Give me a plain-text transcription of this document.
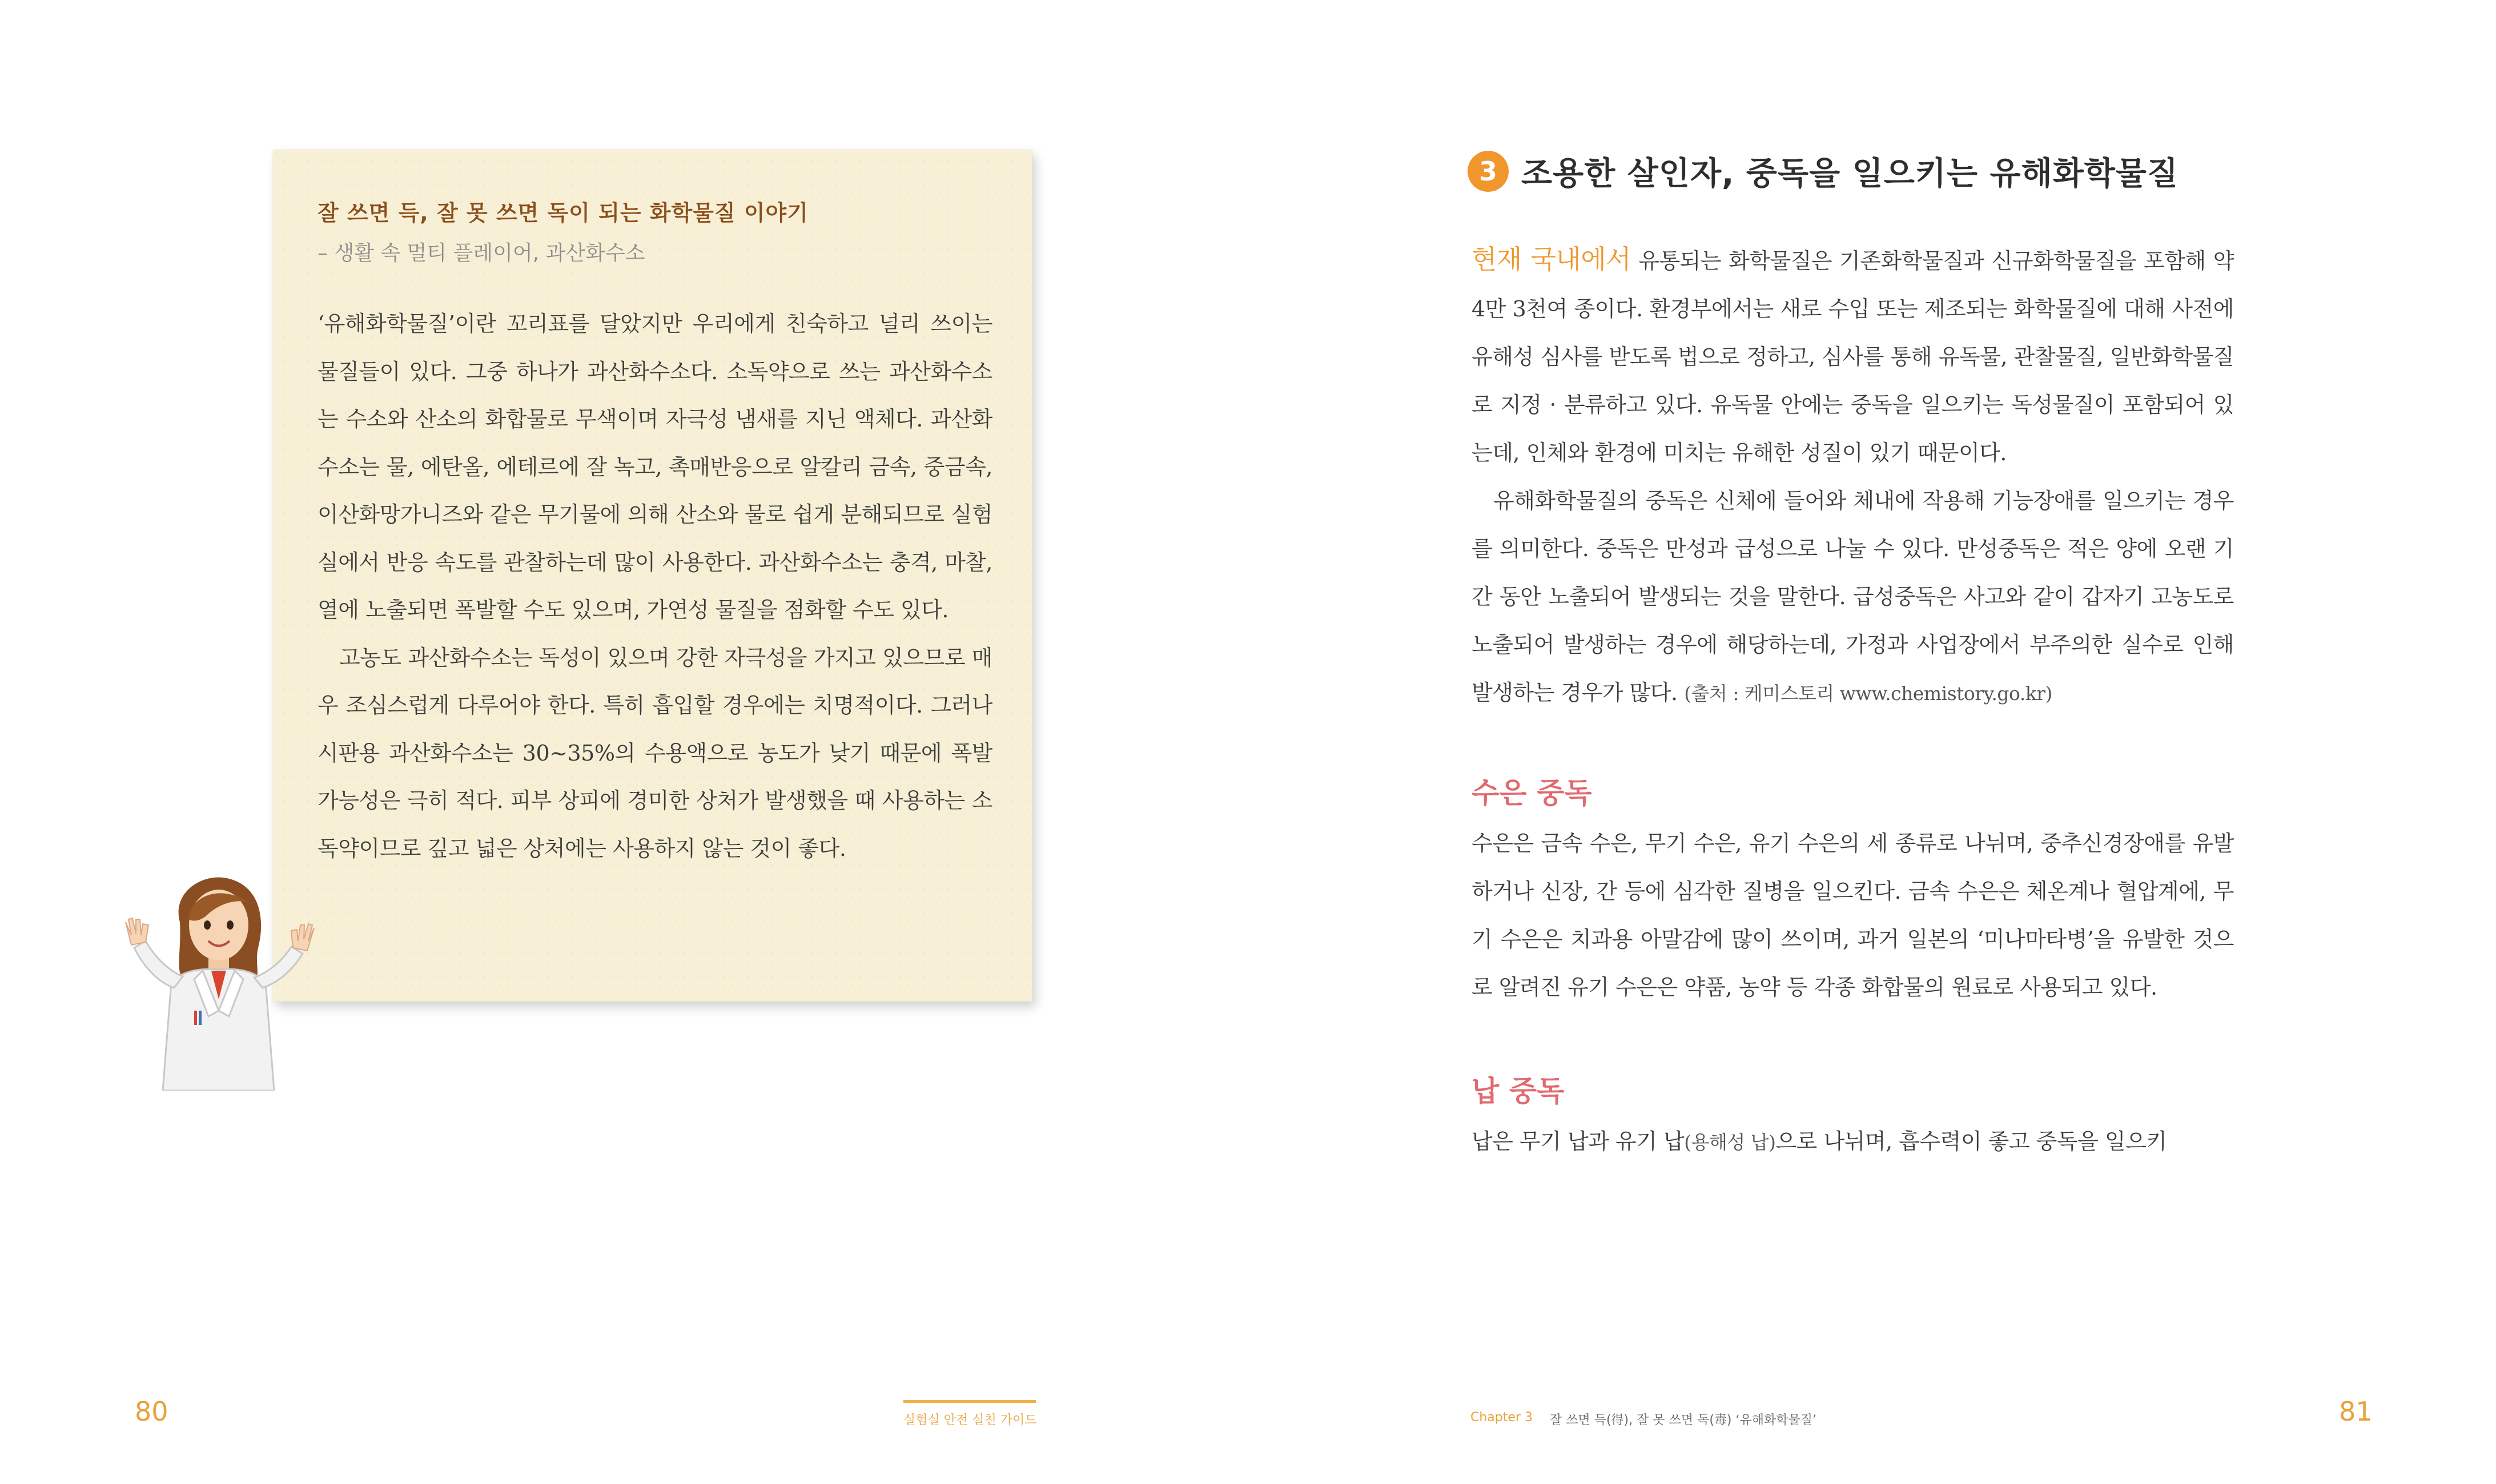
잘 쓰면 득, 잘 못 쓰면 독이 되는 화학물질 이야기

– 생활 속 멀티 플레이어, 과산화수소

‘유해화학물질’이란 꼬리표를 달았지만 우리에게 친숙하고 널리 쓰이는 물질들이 있다. 그중 하나가 과산화수소다. 소독약으로 쓰는 과산화수소는 수소와 산소의 화합물로 무색이며 자극성 냄새를 지닌 액체다. 과산화수소는 물, 에탄올, 에테르에 잘 녹고, 촉매반응으로 알칼리 금속, 중금속, 이산화망가니즈와 같은 무기물에 의해 산소와 물로 쉽게 분해되므로 실험실에서 반응 속도를 관찰하는데 많이 사용한다. 과산화수소는 충격, 마찰, 열에 노출되면 폭발할 수도 있으며, 가연성 물질을 점화할 수도 있다.

고농도 과산화수소는 독성이 있으며 강한 자극성을 가지고 있으므로 매우 조심스럽게 다루어야 한다. 특히 흡입할 경우에는 치명적이다. 그러나 시판용 과산화수소는 30~35%의 수용액으로 농도가 낮기 때문에 폭발 가능성은 극히 적다. 피부 상피에 경미한 상처가 발생했을 때 사용하는 소독약이므로 깊고 넓은 상처에는 사용하지 않는 것이 좋다.

80	실험실 안전 실천 가이드
3 조용한 살인자, 중독을 일으키는 유해화학물질

현재 국내에서 유통되는 화학물질은 기존화학물질과 신규화학물질을 포함해 약 4만 3천여 종이다. 환경부에서는 새로 수입 또는 제조되는 화학물질에 대해 사전에 유해성 심사를 받도록 법으로 정하고, 심사를 통해 유독물, 관찰물질, 일반화학물질로 지정 · 분류하고 있다. 유독물 안에는 중독을 일으키는 독성물질이 포함되어 있는데, 인체와 환경에 미치는 유해한 성질이 있기 때문이다.

유해화학물질의 중독은 신체에 들어와 체내에 작용해 기능장애를 일으키는 경우를 의미한다. 중독은 만성과 급성으로 나눌 수 있다. 만성중독은 적은 양에 오랜 기간 동안 노출되어 발생되는 것을 말한다. 급성중독은 사고와 같이 갑자기 고농도로 노출되어 발생하는 경우에 해당하는데, 가정과 사업장에서 부주의한 실수로 인해 발생하는 경우가 많다. (출처 : 케미스토리 www.chemistory.go.kr)

수은 중독

수은은 금속 수은, 무기 수은, 유기 수은의 세 종류로 나뉘며, 중추신경장애를 유발하거나 신장, 간 등에 심각한 질병을 일으킨다. 금속 수은은 체온계나 혈압계에, 무기 수은은 치과용 아말감에 많이 쓰이며, 과거 일본의 ‘미나마타병’을 유발한 것으로 알려진 유기 수은은 약품, 농약 등 각종 화합물의 원료로 사용되고 있다.

납 중독

납은 무기 납과 유기 납(용해성 납)으로 나뉘며, 흡수력이 좋고 중독을 일으키

Chapter 3 잘 쓰면 득(得), 잘 못 쓰면 독(毒) ‘유해화학물질’	81
